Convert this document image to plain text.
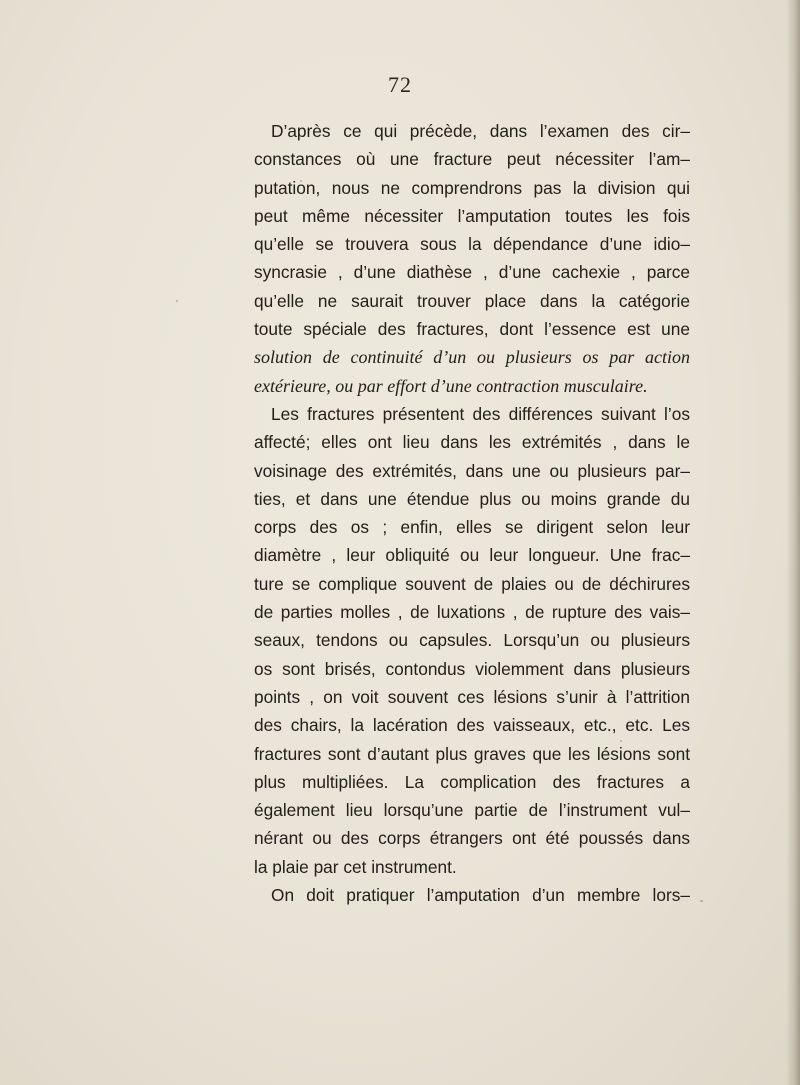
72
D’après ce qui précède, dans l’examen des cir–
constances où une fracture peut nécessiter l’am–
putation, nous ne comprendrons pas la division qui
peut même nécessiter l’amputation toutes les fois
qu’elle se trouvera sous la dépendance d’une idio–
syncrasie , d’une diathèse , d’une cachexie , parce
qu’elle ne saurait trouver place dans la catégorie
toute spéciale des fractures, dont l’essence est une
solution de continuité d’un ou plusieurs os par action
extérieure, ou par effort d’une contraction musculaire.
Les fractures présentent des différences suivant l’os
affecté; elles ont lieu dans les extrémités , dans le
voisinage des extrémités, dans une ou plusieurs par–
ties, et dans une étendue plus ou moins grande du
corps des os ; enfin, elles se dirigent selon leur
diamètre , leur obliquité ou leur longueur. Une frac–
ture se complique souvent de plaies ou de déchirures
de parties molles , de luxations , de rupture des vais–
seaux, tendons ou capsules. Lorsqu’un ou plusieurs
os sont brisés, contondus violemment dans plusieurs
points , on voit souvent ces lésions s’unir à l’attrition
des chairs, la lacération des vaisseaux, etc., etc. Les
fractures sont d’autant plus graves que les lésions sont
plus multipliées. La complication des fractures a
également lieu lorsqu’une partie de l’instrument vul–
nérant ou des corps étrangers ont été poussés dans
la plaie par cet instrument.
On doit pratiquer l’amputation d’un membre lors–
